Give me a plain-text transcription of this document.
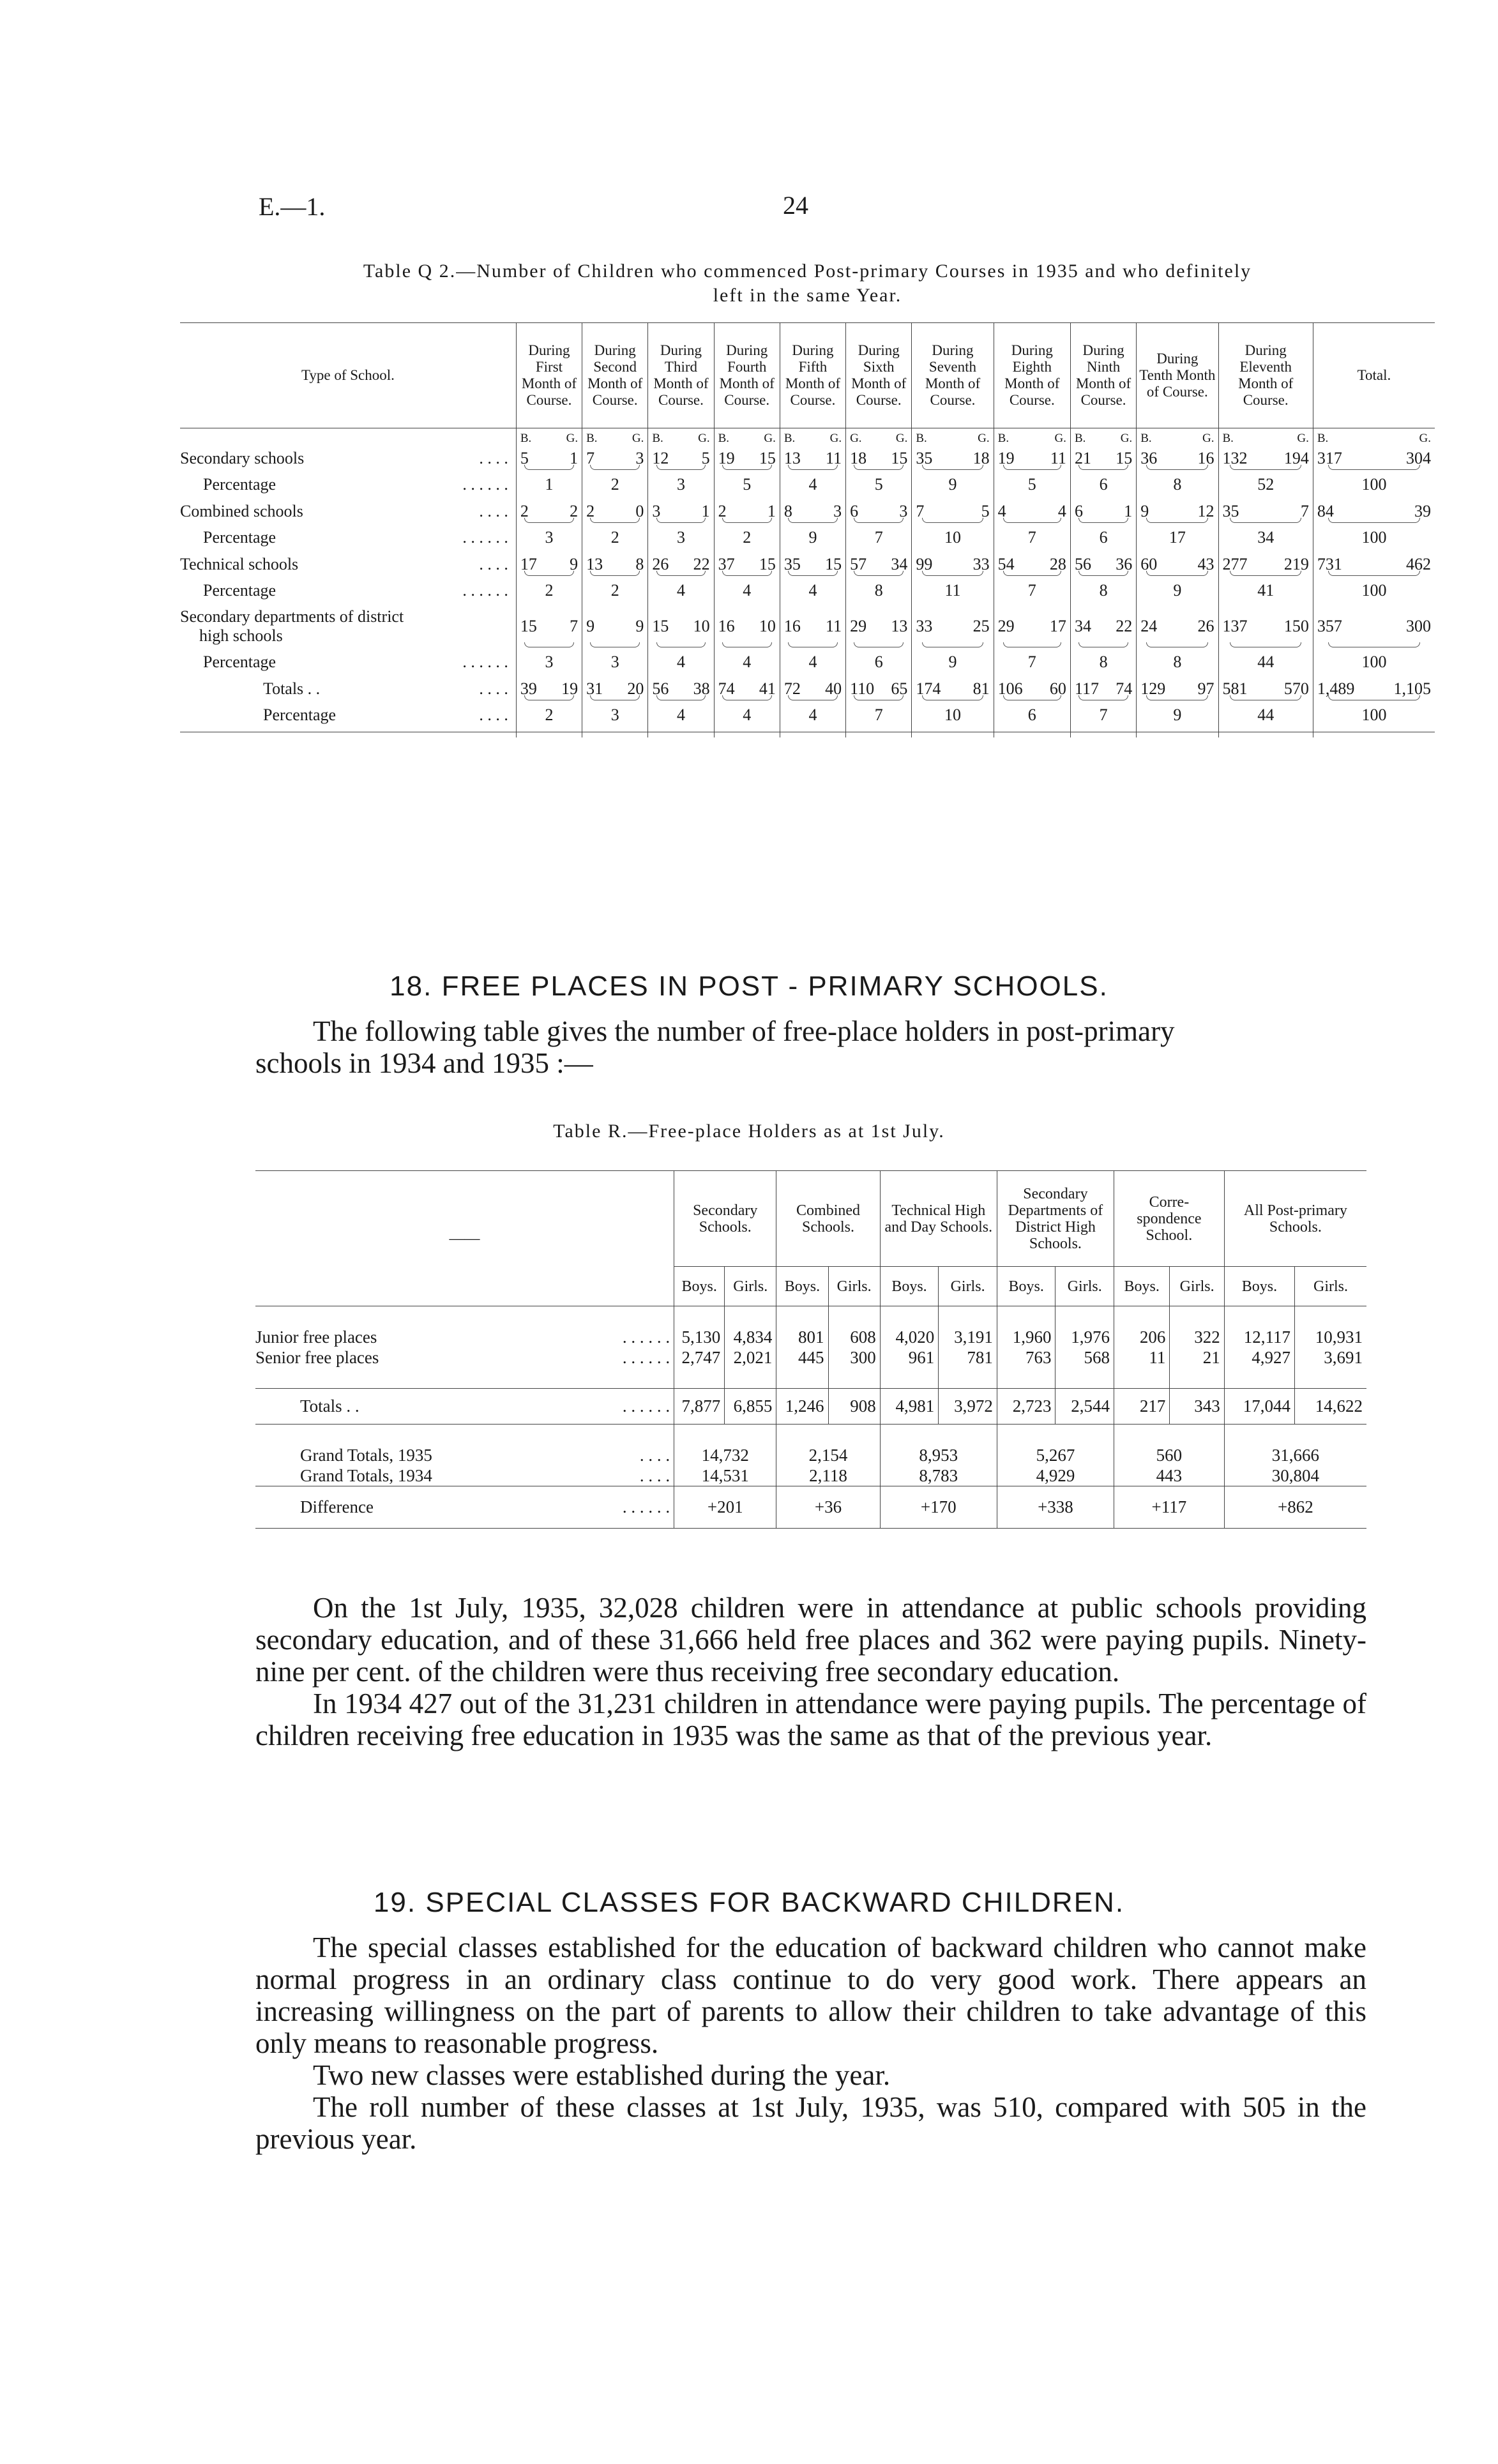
E.—1.	24
Table Q 2.—Number of Children who commenced Post-primary Courses in 1935 and who definitely
left in the same Year.
Type of School.	During First Month of Course.	During Second Month of Course.	During Third Month of Course.	During Fourth Month of Course.	During Fifth Month of Course.	During Sixth Month of Course.	During Seventh Month of Course.	During Eighth Month of Course.	During Ninth Month of Course.	During Tenth Month of Course.	During Eleventh Month of Course.	Total.
	B. G.	B. G.	B. G.	B. G.	B. G.	G. G.	B. G.	B. G.	B. G.	B. G.	B. G.	B. G.
Secondary schools . . . .	5 1	7 3	12 5	19 15	13 11	18 15	35 18	19 11	21 15	36 16	132 194	317 304
Percentage . . . . . .	1	2	3	5	4	5	9	5	6	8	52	100
Combined schools . . . .	2 2	2 0	3 1	2 1	8 3	6 3	7 5	4 4	6 1	9 12	35 7	84 39
Percentage . . . . . .	3	2	3	2	9	7	10	7	6	17	34	100
Technical schools . . . .	17 9	13 8	26 22	37 15	35 15	57 34	99 33	54 28	56 36	60 43	277 219	731 462
Percentage . . . . . .	2	2	4	4	4	8	11	7	8	9	41	100
Secondary departments of district
high schools	15 7	9 9	15 10	16 10	16 11	29 13	33 25	29 17	34 22	24 26	137 150	357 300
Percentage . . . . . .	3	3	4	4	4	6	9	7	8	8	44	100
Totals . . . . . .	39 19	31 20	56 38	74 41	72 40	110 65	174 81	106 60	117 74	129 97	581 570	1,489 1,105
Percentage . . . .	2	3	4	4	4	7	10	6	7	9	44	100

18. FREE PLACES IN POST - PRIMARY SCHOOLS.
The following table gives the number of free-place holders in post-primary
schools in 1934 and 1935 :—
Table R.—Free-place Holders as at 1st July.
——	Secondary Schools.		Combined Schools.		Technical High and Day Schools.		Secondary Departments of District High Schools.		Corre-spondence School.		All Post-primary Schools.	
	Boys.	Girls.	Boys.	Girls.	Boys.	Girls.	Boys.	Girls.	Boys.	Girls.	Boys.	Girls.

Junior free places . . . . . .	5,130	4,834	801	608	4,020	3,191	1,960	1,976	206	322	12,117	10,931
Senior free places . . . . . .	2,747	2,021	445	300	961	781	763	568	11	21	4,927	3,691

Totals . . . . . . . .	7,877	6,855	1,246	908	4,981	3,972	2,723	2,544	217	343	17,044	14,622

Grand Totals, 1935 . . . .	14,732		2,154		8,953		5,267		560		31,666	
Grand Totals, 1934 . . . .	14,531		2,118		8,783		4,929		443		30,804	
Difference . . . . . .	+201		+36		+170		+338		+117		+862	

On the 1st July, 1935, 32,028 children were in attendance at public schools providing secondary education, and of these 31,666 held free places and 362 were paying pupils. Ninety-nine per cent. of the children were thus receiving free secondary education.
In 1934 427 out of the 31,231 children in attendance were paying pupils. The percentage of children receiving free education in 1935 was the same as that of the previous year.
19. SPECIAL CLASSES FOR BACKWARD CHILDREN.
The special classes established for the education of backward children who cannot make normal progress in an ordinary class continue to do very good work. There appears an increasing willingness on the part of parents to allow their children to take advantage of this only means to reasonable progress.
Two new classes were established during the year.
The roll number of these classes at 1st July, 1935, was 510, compared with 505 in the previous year.
